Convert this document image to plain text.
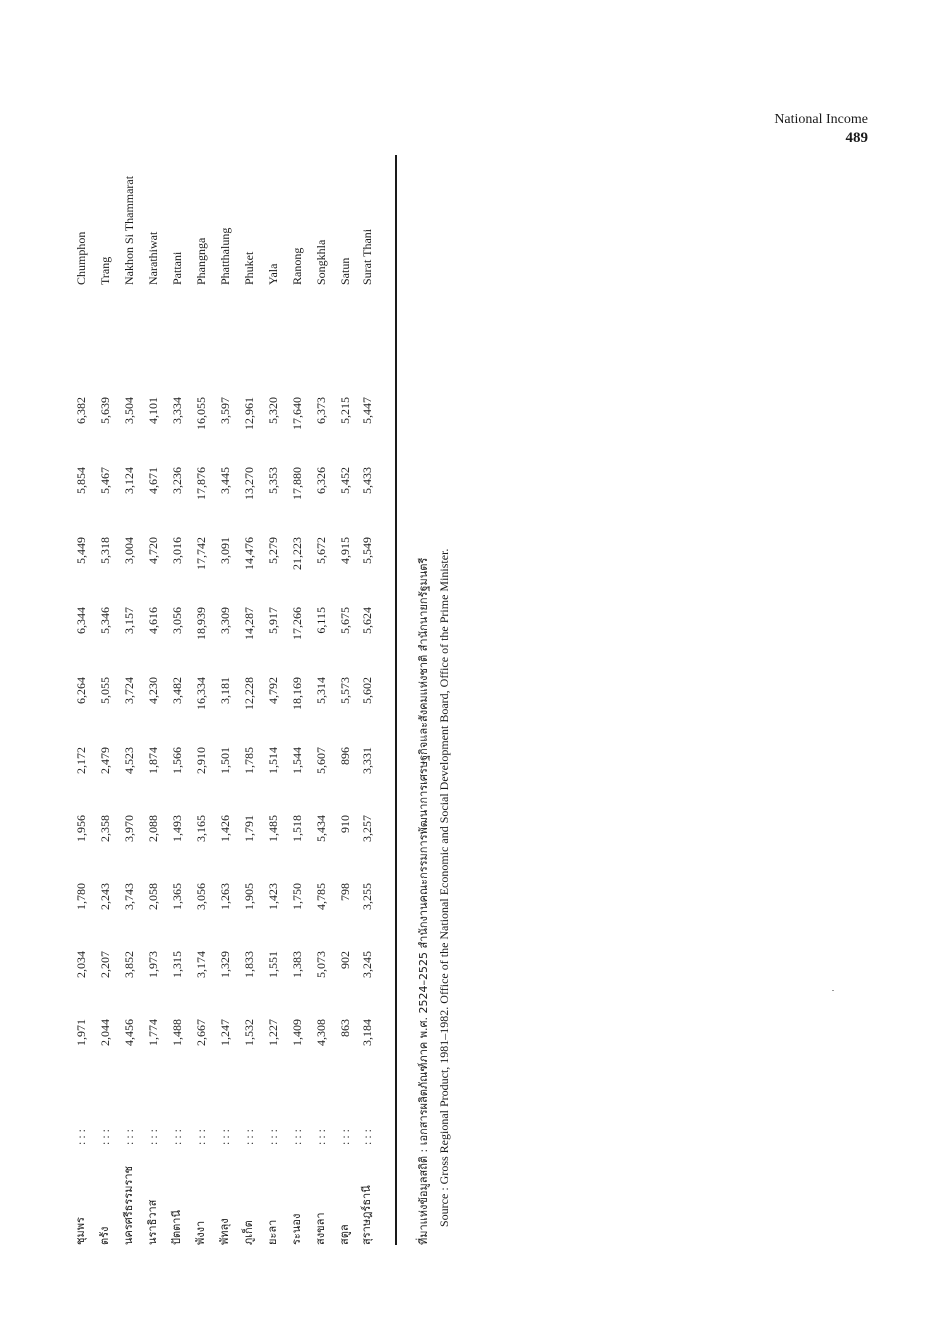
National Income
489
ชุมพร
:::
1,971
2,034
1,780
1,956
2,172
6,264
6,344
5,449
5,854
6,382
Chumphon
ตรัง
:::
2,044
2,207
2,243
2,358
2,479
5,055
5,346
5,318
5,467
5,639
Trang
นครศรีธรรมราช
:::
4,456
3,852
3,743
3,970
4,523
3,724
3,157
3,004
3,124
3,504
Nakhon Si Thammarat
นราธิวาส
:::
1,774
1,973
2,058
2,088
1,874
4,230
4,616
4,720
4,671
4,101
Narathiwat
ปัตตานี
:::
1,488
1,315
1,365
1,493
1,566
3,482
3,056
3,016
3,236
3,334
Pattani
พังงา
:::
2,667
3,174
3,056
3,165
2,910
16,334
18,939
17,742
17,876
16,055
Phangnga
พัทลุง
:::
1,247
1,329
1,263
1,426
1,501
3,181
3,309
3,091
3,445
3,597
Phatthalung
ภูเก็ต
:::
1,532
1,833
1,905
1,791
1,785
12,228
14,287
14,476
13,270
12,961
Phuket
ยะลา
:::
1,227
1,551
1,423
1,485
1,514
4,792
5,917
5,279
5,353
5,320
Yala
ระนอง
:::
1,409
1,383
1,750
1,518
1,544
18,169
17,266
21,223
17,880
17,640
Ranong
สงขลา
:::
4,308
5,073
4,785
5,434
5,607
5,314
6,115
5,672
6,326
6,373
Songkhla
สตูล
:::
863
902
798
910
896
5,573
5,675
4,915
5,452
5,215
Satun
สุราษฎร์ธานี
:::
3,184
3,245
3,255
3,257
3,331
5,602
5,624
5,549
5,433
5,447
Surat Thani
ที่มาแห่งข้อมูลสถิติ : เอกสารผลิตภัณฑ์ภาค พ.ศ. 2524–2525 สำนักงานคณะกรรมการพัฒนาการเศรษฐกิจและสังคมแห่งชาติ สำนักนายกรัฐมนตรี Source : Gross Regional Product, 1981–1982. Office of the National Economic and Social Development Board, Office of the Prime Minister.
